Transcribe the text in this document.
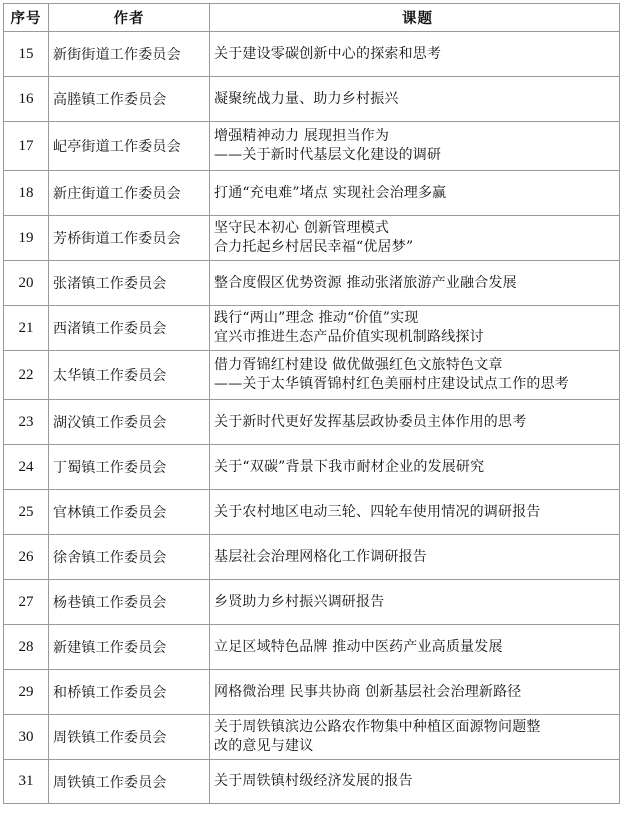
序号	作者	课题
15	新街街道工作委员会	关于建设零碳创新中心的探索和思考

16	高塍镇工作委员会	凝聚统战力量、助力乡村振兴

17	屺亭街道工作委员会	增强精神动力 展现担当作为
——关于新时代基层文化建设的调研

18	新庄街道工作委员会	打通“充电难”堵点 实现社会治理多赢

19	芳桥街道工作委员会	坚守民本初心 创新管理模式
合力托起乡村居民幸福“优居梦”

20	张渚镇工作委员会	整合度假区优势资源 推动张渚旅游产业融合发展

21	西渚镇工作委员会	践行“两山”理念 推动“价值”实现
宜兴市推进生态产品价值实现机制路线探讨

22	太华镇工作委员会	借力胥锦红村建设 做优做强红色文旅特色文章
——关于太华镇胥锦村红色美丽村庄建设试点工作的思考

23	湖㳇镇工作委员会	关于新时代更好发挥基层政协委员主体作用的思考

24	丁蜀镇工作委员会	关于“双碳”背景下我市耐材企业的发展研究

25	官林镇工作委员会	关于农村地区电动三轮、四轮车使用情况的调研报告

26	徐舍镇工作委员会	基层社会治理网格化工作调研报告

27	杨巷镇工作委员会	乡贤助力乡村振兴调研报告

28	新建镇工作委员会	立足区域特色品牌 推动中医药产业高质量发展

29	和桥镇工作委员会	网格微治理 民事共协商 创新基层社会治理新路径

30	周铁镇工作委员会	关于周铁镇滨边公路农作物集中种植区面源物问题整
改的意见与建议

31	周铁镇工作委员会	关于周铁镇村级经济发展的报告
